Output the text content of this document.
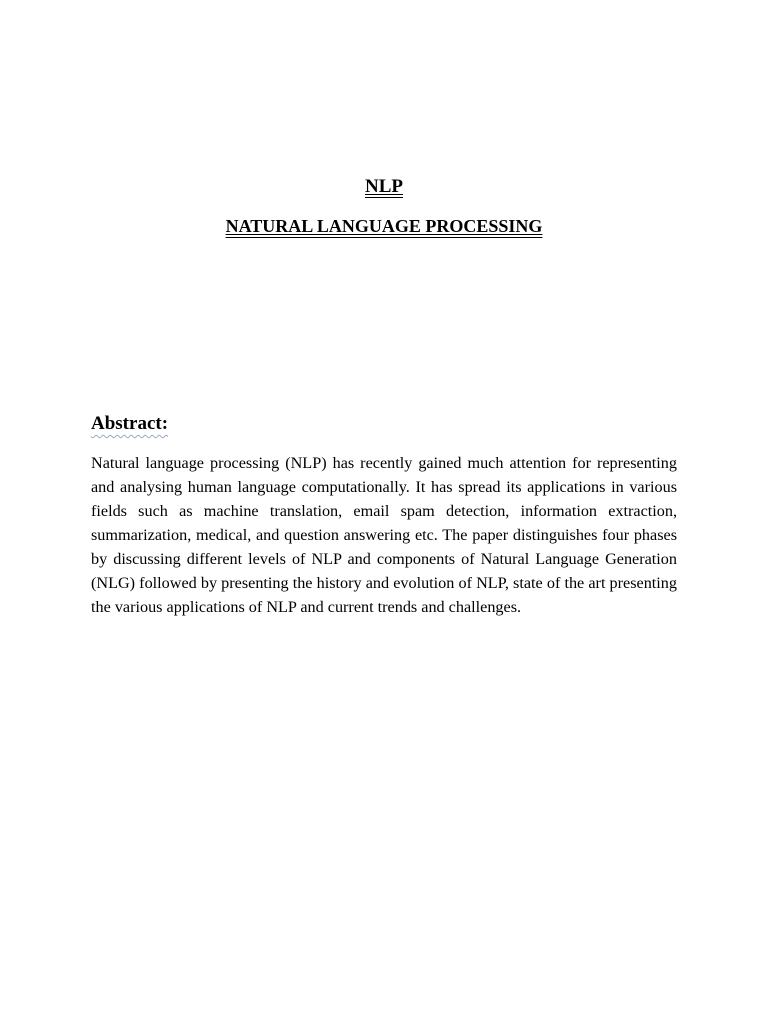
NLP
NATURAL LANGUAGE PROCESSING
Abstract:

Natural language processing (NLP) has recently gained much attention for representing and analysing human language computationally. It has spread its applications in various fields such as machine translation, email spam detection, information extraction, summarization, medical, and question answering etc. The paper distinguishes four phases by discussing different levels of NLP and components of Natural Language Generation (NLG) followed by presenting the history and evolution of NLP, state of the art presenting the various applications of NLP and current trends and challenges.
